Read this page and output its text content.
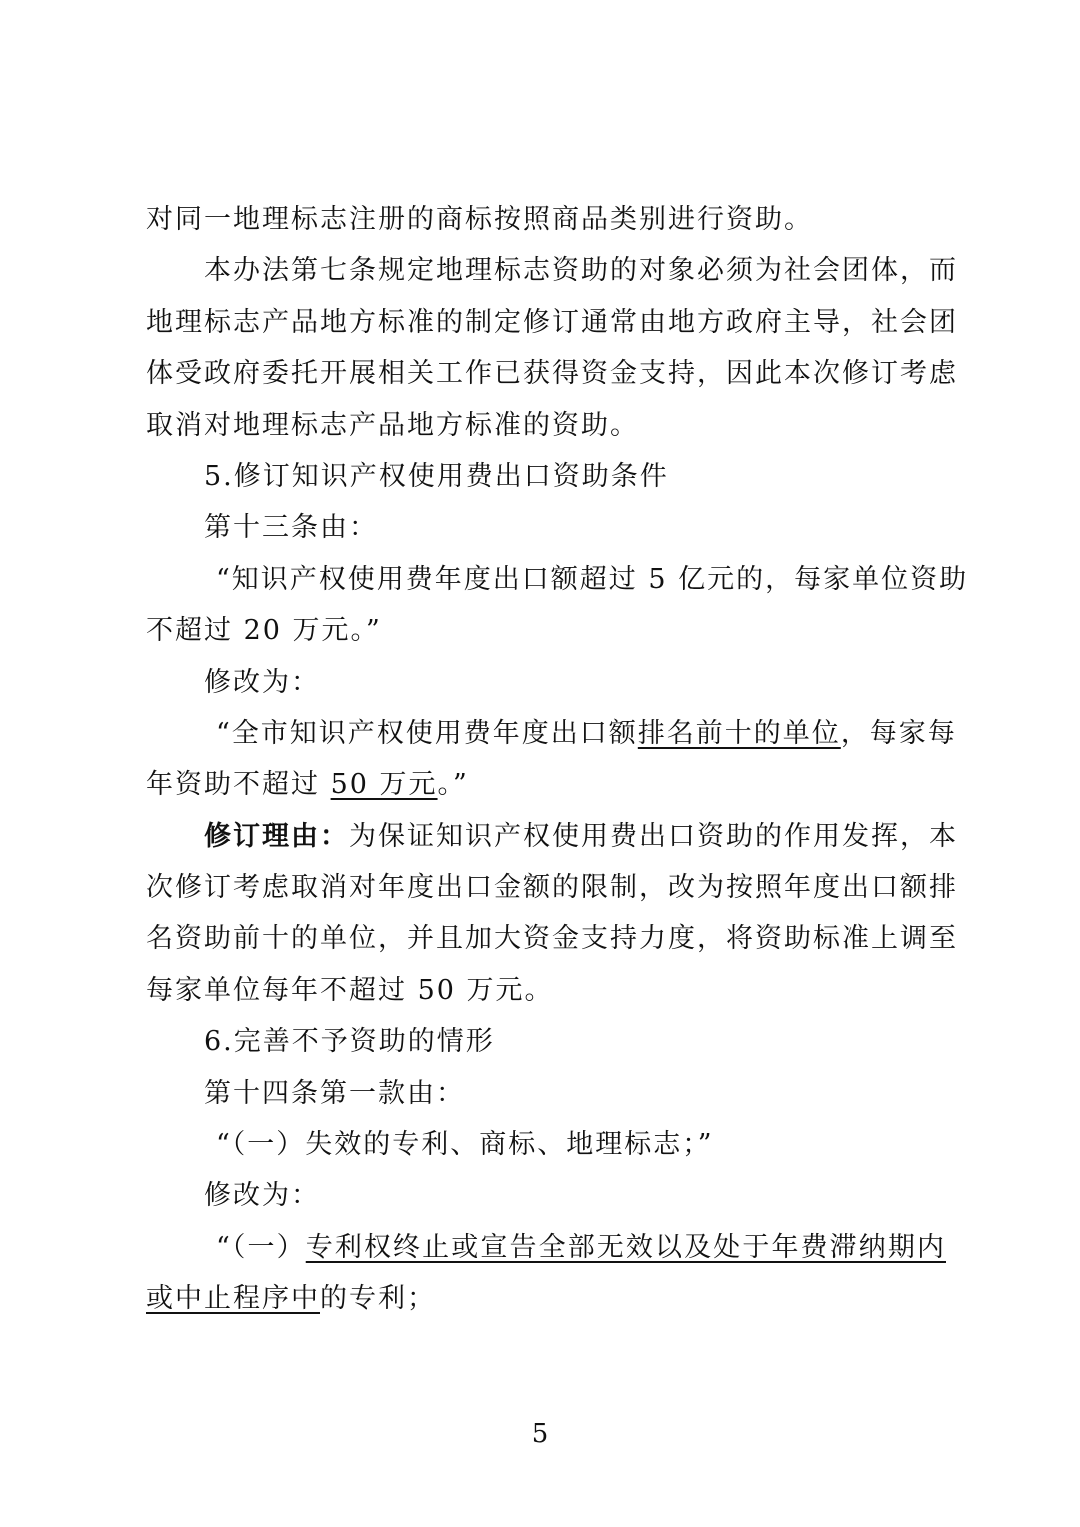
对同一地理标志注册的商标按照商品类别进行资助。
本办法第七条规定地理标志资助的对象必须为社会团体，而
地理标志产品地方标准的制定修订通常由地方政府主导，社会团
体受政府委托开展相关工作已获得资金支持，因此本次修订考虑
取消对地理标志产品地方标准的资助。
5.修订知识产权使用费出口资助条件
第十三条由：
“知识产权使用费年度出口额超过 5 亿元的，每家单位资助
不超过 20 万元。”
修改为：
“全市知识产权使用费年度出口额排名前十的单位，每家每
年资助不超过 50 万元。”
修订理由：为保证知识产权使用费出口资助的作用发挥，本
次修订考虑取消对年度出口金额的限制，改为按照年度出口额排
名资助前十的单位，并且加大资金支持力度，将资助标准上调至
每家单位每年不超过 50 万元。
6.完善不予资助的情形
第十四条第一款由：
“（一）失效的专利、商标、地理标志；”
修改为：
“（一）专利权终止或宣告全部无效以及处于年费滞纳期内
或中止程序中的专利；
5
